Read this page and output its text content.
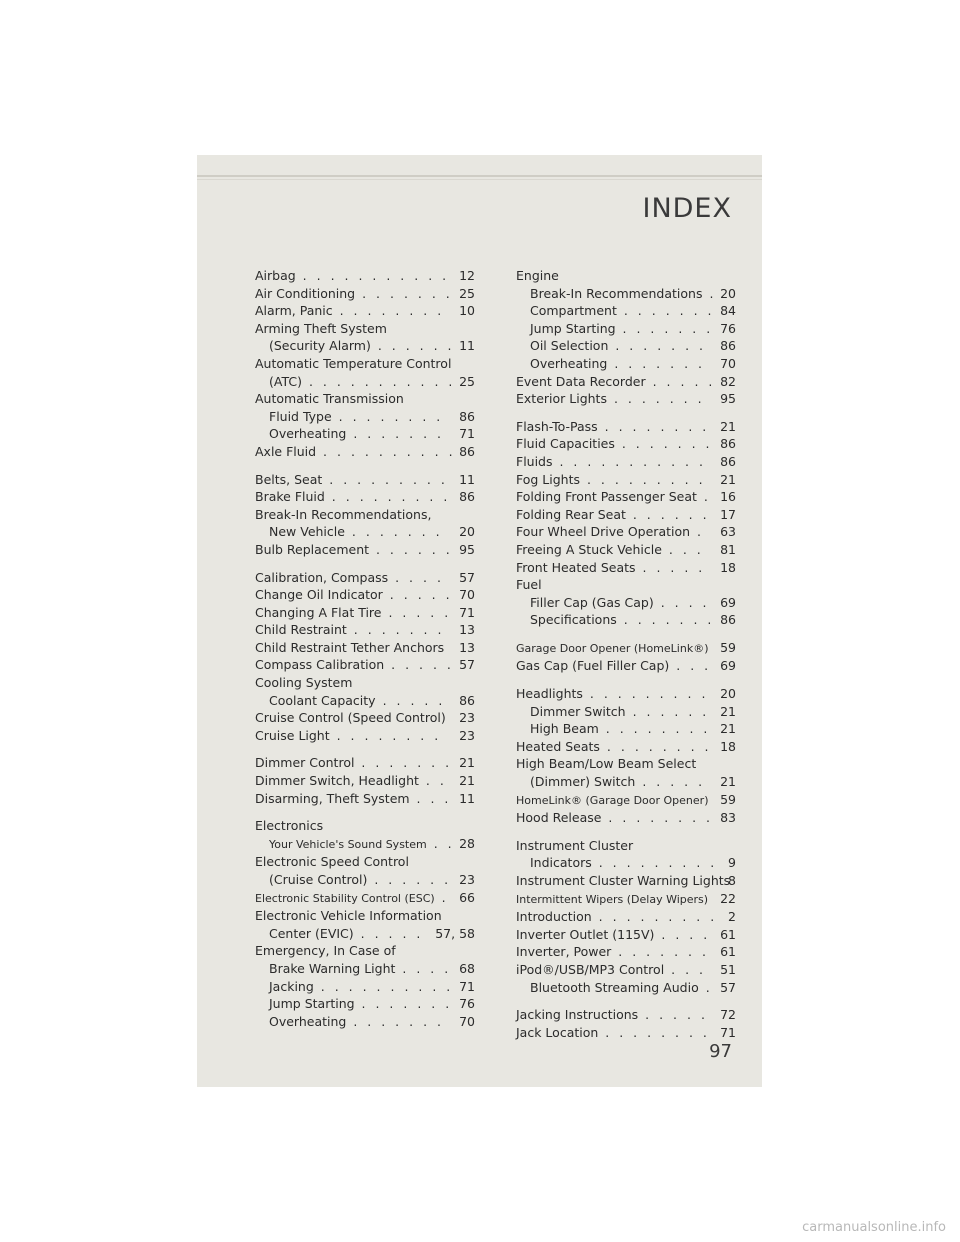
INDEX
Airbag . . . . . . . . . . . 12
Air Conditioning . . . . . . . 25
Alarm, Panic . . . . . . . . 10
Arming Theft System
(Security Alarm) . . . . . . 11
Automatic Temperature Control
(ATC) . . . . . . . . . . . 25
Automatic Transmission
Fluid Type . . . . . . . . 86
Overheating . . . . . . . 71
Axle Fluid . . . . . . . . . . 86
Belts, Seat . . . . . . . . . 11
Brake Fluid . . . . . . . . . 86
Break-In Recommendations,
New Vehicle . . . . . . . 20
Bulb Replacement . . . . . . 95
Calibration, Compass . . . . 57
Change Oil Indicator . . . . . 70
Changing A Flat Tire . . . . . 71
Child Restraint . . . . . . . 13
Child Restraint Tether Anchors 13
Compass Calibration . . . . . 57
Cooling System
Coolant Capacity . . . . . 86
Cruise Control (Speed Control) 23
Cruise Light . . . . . . . . 23
Dimmer Control . . . . . . . 21
Dimmer Switch, Headlight . . 21
Disarming, Theft System . . . 11
Electronics
Your Vehicle's Sound System . . 28
Electronic Speed Control
(Cruise Control) . . . . . . 23
Electronic Stability Control (ESC) . 66
Electronic Vehicle Information
Center (EVIC) . . . . . 57, 58
Emergency, In Case of
Brake Warning Light . . . . 68
Jacking . . . . . . . . . . 71
Jump Starting . . . . . . . 76
Overheating . . . . . . . 70
Engine
Break-In Recommendations . 20
Compartment . . . . . . . 84
Jump Starting . . . . . . . 76
Oil Selection . . . . . . . 86
Overheating . . . . . . . 70
Event Data Recorder . . . . . 82
Exterior Lights . . . . . . . 95
Flash-To-Pass . . . . . . . . 21
Fluid Capacities . . . . . . . 86
Fluids . . . . . . . . . . . 86
Fog Lights . . . . . . . . . 21
Folding Front Passenger Seat . 16
Folding Rear Seat . . . . . . 17
Four Wheel Drive Operation . 63
Freeing A Stuck Vehicle . . . 81
Front Heated Seats . . . . . 18
Fuel
Filler Cap (Gas Cap) . . . . 69
Specifications . . . . . . . 86
Garage Door Opener (HomeLink®) 59
Gas Cap (Fuel Filler Cap) . . . 69
Headlights . . . . . . . . . 20
Dimmer Switch . . . . . . 21
High Beam . . . . . . . . 21
Heated Seats . . . . . . . . 18
High Beam/Low Beam Select
(Dimmer) Switch . . . . . 21
HomeLink® (Garage Door Opener) 59
Hood Release . . . . . . . . 83
Instrument Cluster
Indicators . . . . . . . . . 9
Instrument Cluster Warning Lights
8
Intermittent Wipers (Delay Wipers) 22
Introduction . . . . . . . . . 2
Inverter Outlet (115V) . . . . 61
Inverter, Power . . . . . . . 61
iPod®/USB/MP3 Control . . . 51
Bluetooth Streaming Audio . 57
Jacking Instructions . . . . . 72
Jack Location . . . . . . . . 71
97
carmanualsonline.info
